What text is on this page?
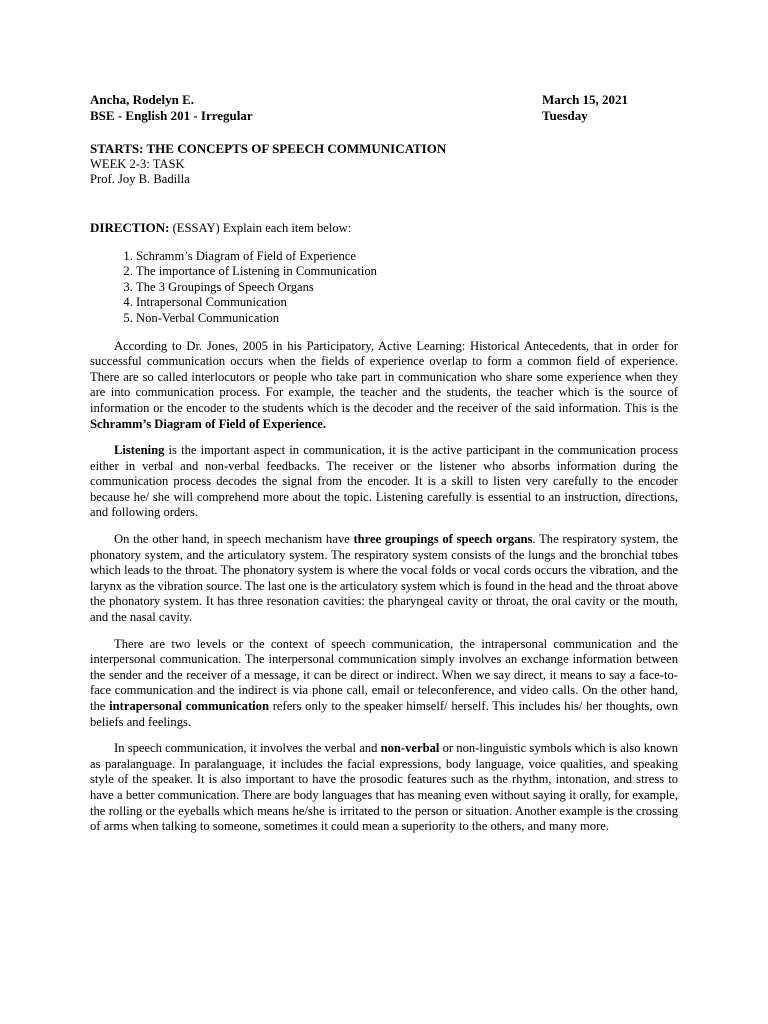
Ancha, Rodelyn E.	March 15, 2021
BSE - English 201 - Irregular	Tuesday
STARTS: THE CONCEPTS OF SPEECH COMMUNICATION
WEEK 2-3: TASK
Prof. Joy B. Badilla
DIRECTION: (ESSAY) Explain each item below:
1. Schramm’s Diagram of Field of Experience
2. The importance of Listening in Communication
3. The 3 Groupings of Speech Organs
4. Intrapersonal Communication
5. Non-Verbal Communication

According to Dr. Jones, 2005 in his Participatory, Active Learning: Historical Antecedents, that in order for successful communication occurs when the fields of experience overlap to form a common field of experience. There are so called interlocutors or people who take part in communication who share some experience when they are into communication process. For example, the teacher and the students, the teacher which is the source of information or the encoder to the students which is the decoder and the receiver of the said information. This is the Schramm’s Diagram of Field of Experience.

Listening is the important aspect in communication, it is the active participant in the communication process either in verbal and non-verbal feedbacks. The receiver or the listener who absorbs information during the communication process decodes the signal from the encoder. It is a skill to listen very carefully to the encoder because he/ she will comprehend more about the topic. Listening carefully is essential to an instruction, directions, and following orders.

On the other hand, in speech mechanism have three groupings of speech organs. The respiratory system, the phonatory system, and the articulatory system. The respiratory system consists of the lungs and the bronchial tubes which leads to the throat. The phonatory system is where the vocal folds or vocal cords occurs the vibration, and the larynx as the vibration source. The last one is the articulatory system which is found in the head and the throat above the phonatory system. It has three resonation cavities: the pharyngeal cavity or throat, the oral cavity or the mouth, and the nasal cavity.

There are two levels or the context of speech communication, the intrapersonal communication and the interpersonal communication. The interpersonal communication simply involves an exchange information between the sender and the receiver of a message, it can be direct or indirect. When we say direct, it means to say a face-to-face communication and the indirect is via phone call, email or teleconference, and video calls. On the other hand, the intrapersonal communication refers only to the speaker himself/ herself. This includes his/ her thoughts, own beliefs and feelings.

In speech communication, it involves the verbal and non-verbal or non-linguistic symbols which is also known as paralanguage. In paralanguage, it includes the facial expressions, body language, voice qualities, and speaking style of the speaker. It is also important to have the prosodic features such as the rhythm, intonation, and stress to have a better communication. There are body languages that has meaning even without saying it orally, for example, the rolling or the eyeballs which means he/she is irritated to the person or situation. Another example is the crossing of arms when talking to someone, sometimes it could mean a superiority to the others, and many more.
